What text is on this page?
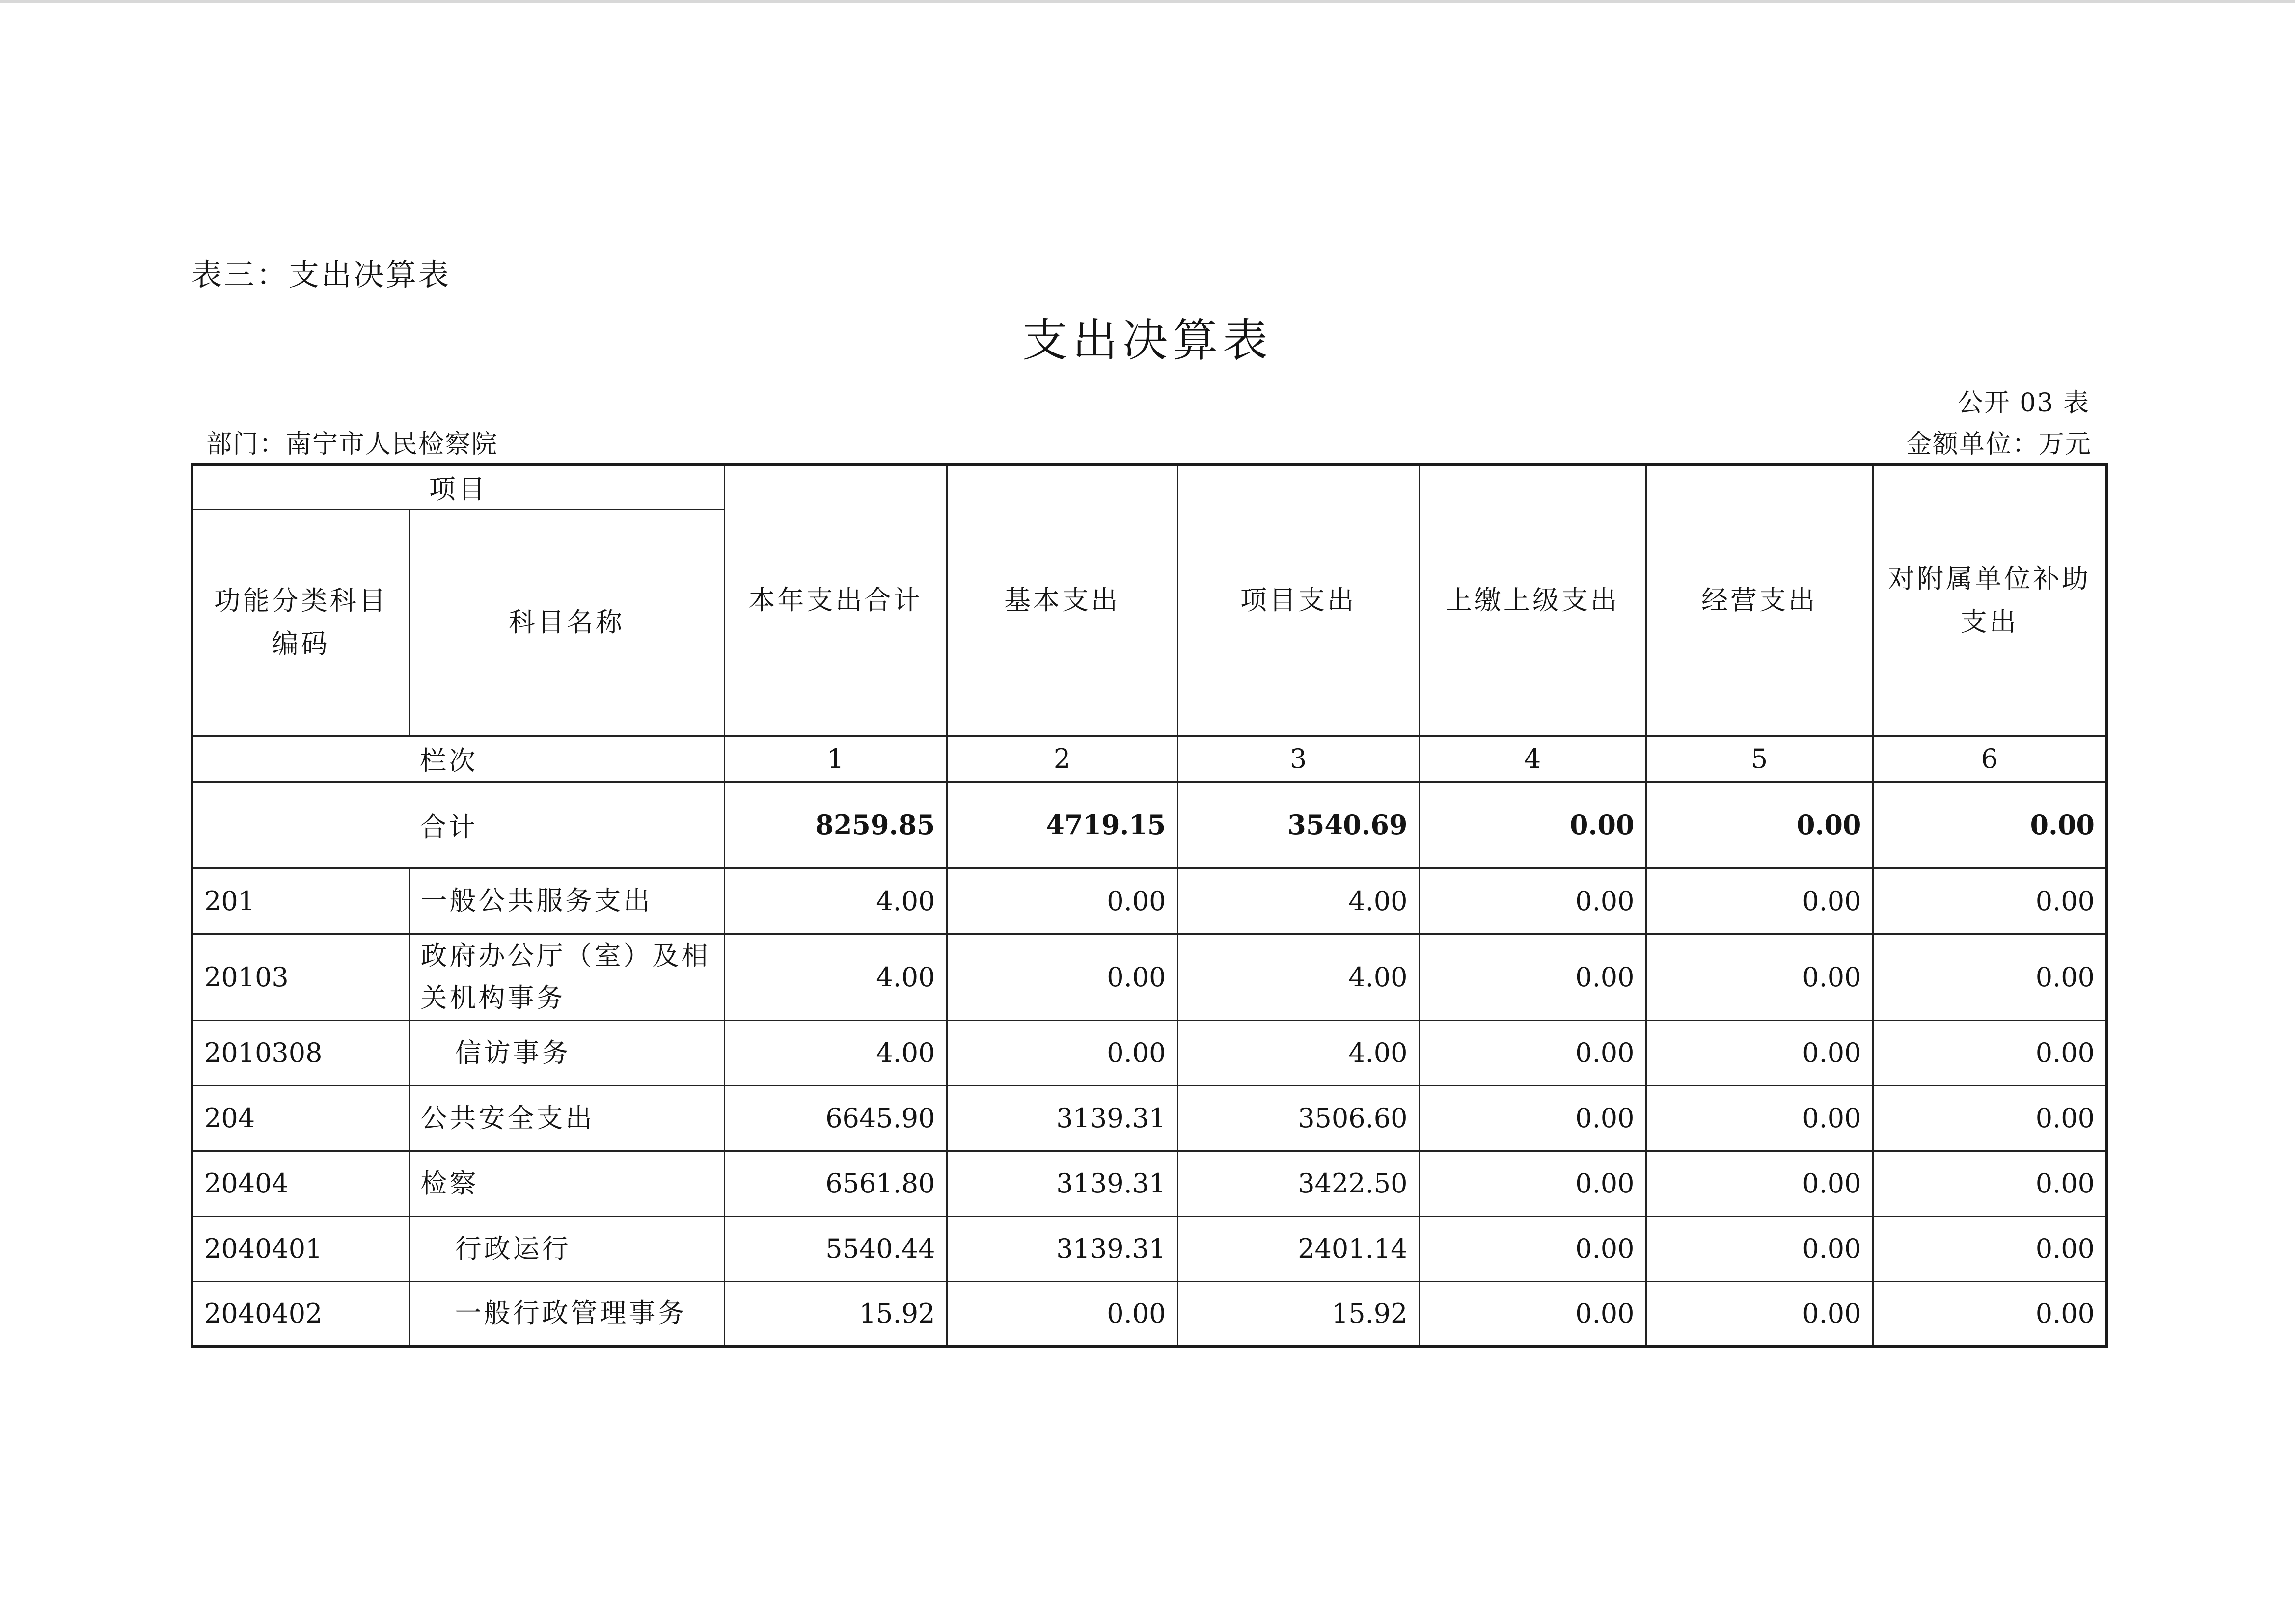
表三：支出决算表
支出决算表
公开 03 表
部门：南宁市人民检察院	金额单位：万元
项目		本年支出合计	基本支出	项目支出	上缴上级支出	经营支出	对附属单位补助支出
功能分类科目编码	科目名称						
	栏次	1	2	3	4	5	6
	合计	8259.85	4719.15	3540.69	0.00	0.00	0.00
201	一般公共服务支出	4.00	0.00	4.00	0.00	0.00	0.00
20103	政府办公厅（室）及相关机构事务	4.00	0.00	4.00	0.00	0.00	0.00
2010308	信访事务	4.00	0.00	4.00	0.00	0.00	0.00
204	公共安全支出	6645.90	3139.31	3506.60	0.00	0.00	0.00
20404	检察	6561.80	3139.31	3422.50	0.00	0.00	0.00
2040401	行政运行	5540.44	3139.31	2401.14	0.00	0.00	0.00
2040402	一般行政管理事务	15.92	0.00	15.92	0.00	0.00	0.00
